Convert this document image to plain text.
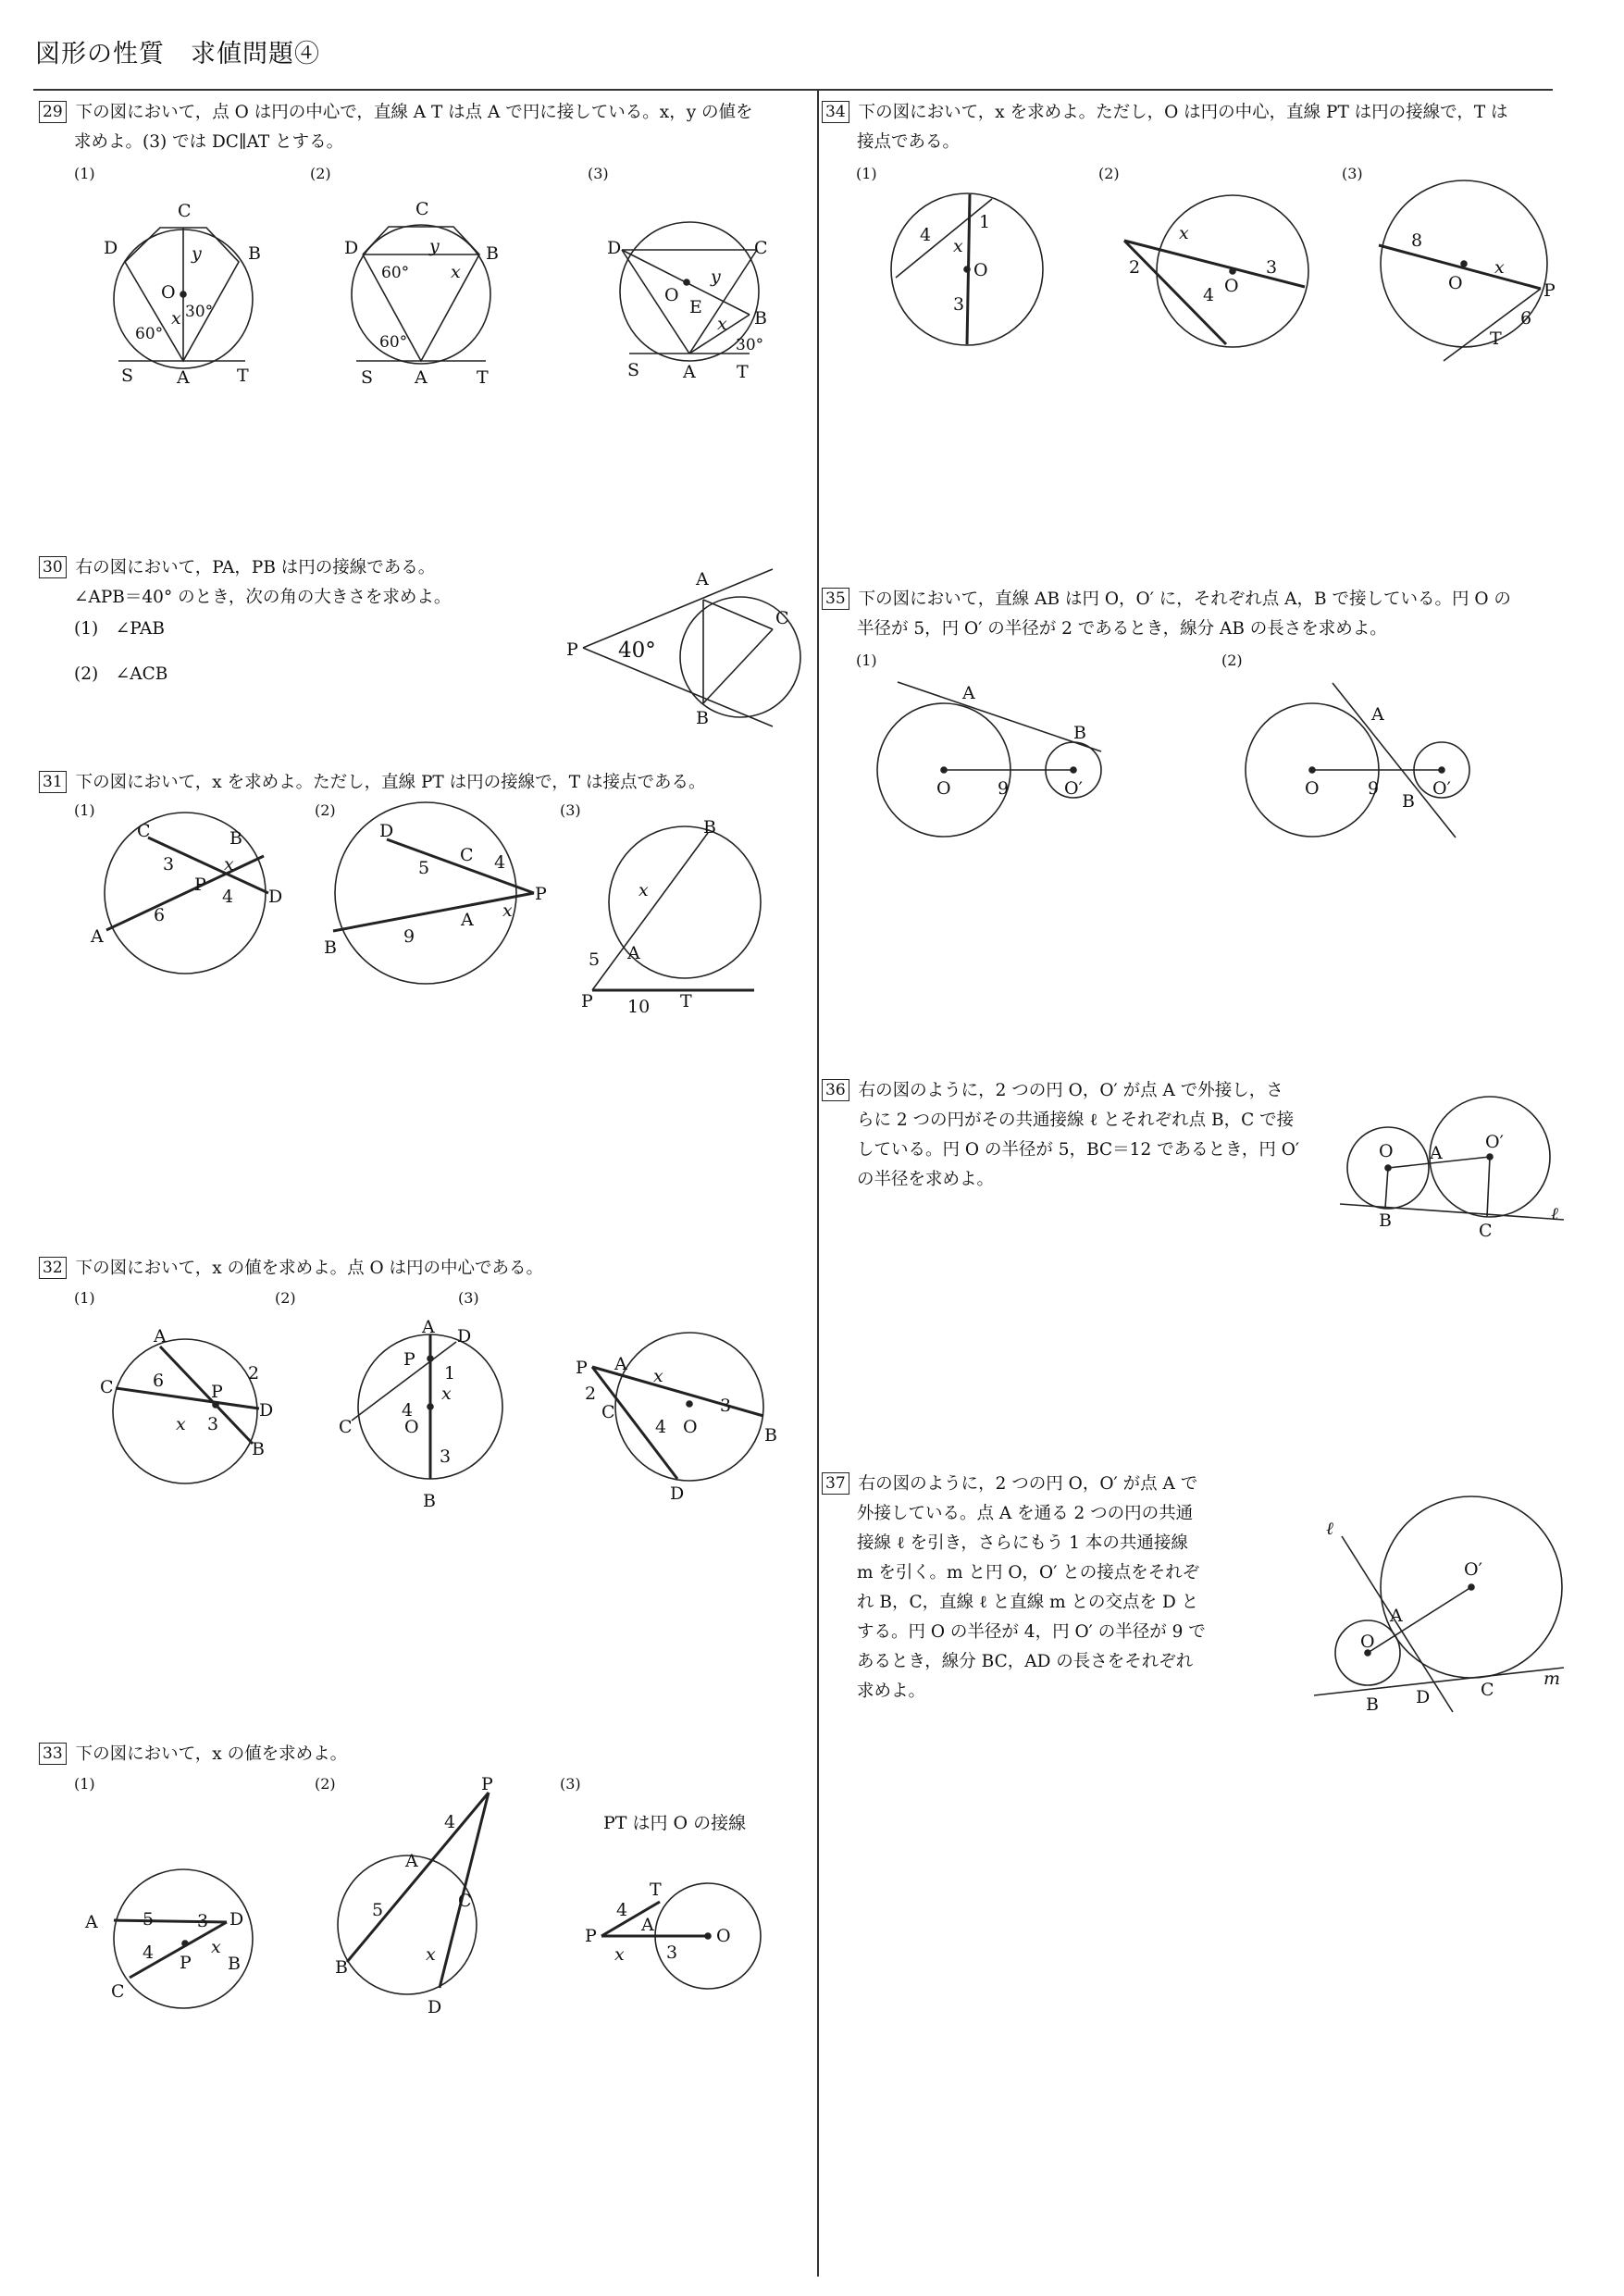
図形の性質　求値問題④
29 下の図において，点 O は円の中心で，直線 A T は点 A で円に接している。x，y の値を
求めよ。(3) では DC∥AT とする。
30 右の図において，PA，PB は円の接線である。
∠APB＝40° のとき，次の角の大きさを求めよ。
(1)　∠PAB
(2)　∠ACB
31 下の図において，x を求めよ。ただし，直線 PT は円の接線で，T は接点である。
32 下の図において，x の値を求めよ。点 O は円の中心である。
33 下の図において，x の値を求めよ。
34 下の図において，x を求めよ。ただし，O は円の中心，直線 PT は円の接線で，T は
接点である。
35 下の図において，直線 AB は円 O，O′ に，それぞれ点 A，B で接している。円 O の
半径が 5，円 O′ の半径が 2 であるとき，線分 AB の長さを求めよ。
36 右の図のように，2 つの円 O，O′ が点 A で外接し，さ
らに 2 つの円がその共通接線 ℓ とそれぞれ点 B，C で接
している。円 O の半径が 5，BC＝12 であるとき，円 O′
の半径を求めよ。
37 右の図のように，2 つの円 O，O′ が点 A で
外接している。点 A を通る 2 つの円の共通
接線 ℓ を引き，さらにもう 1 本の共通接線
m を引く。m と円 O，O′ との接点をそれぞ
れ B，C，直線 ℓ と直線 m との交点を D と
する。円 O の半径が 4，円 O′ の半径が 9 で
あるとき，線分 BC，AD の長さをそれぞれ
求めよ。
(1)	(2)	(3)
(1)	(2)	(3)
(1)	(2)	(3)
(1)	(2)	(3)
(1)	(2)	(3)
(1)	(2)
PT は円 O の接線
C
D	B
O
y
x 30°
60°
S A	T
C
D	B
y
x
60°
60°
S A	T
D	C
B
O
E
y
x
30°
S A T
A
P
C
B
40°
C	B
D
A
P
3	x
4
6
D
C
P
B
A
5	4
9
x
B
A
P	T
5
10
x
A
C
2
D
B
P
6
3
x
A D
P
1
x
4
O
C
3
B
P A
x
2
C
O
3
4	B
D
A	D
B
C
P
5 3
4	x
P
A
C
B
D
4
5
x
P
T
A
O
4
x 3
4
1
x
O
3
x
2
O
3
4
8
O
x
P
6
T
A
B
O	9	O′
A
B
O	9	O′
O A
O′
B	C
ℓ
ℓ
O′
A
O
B D	C
m
